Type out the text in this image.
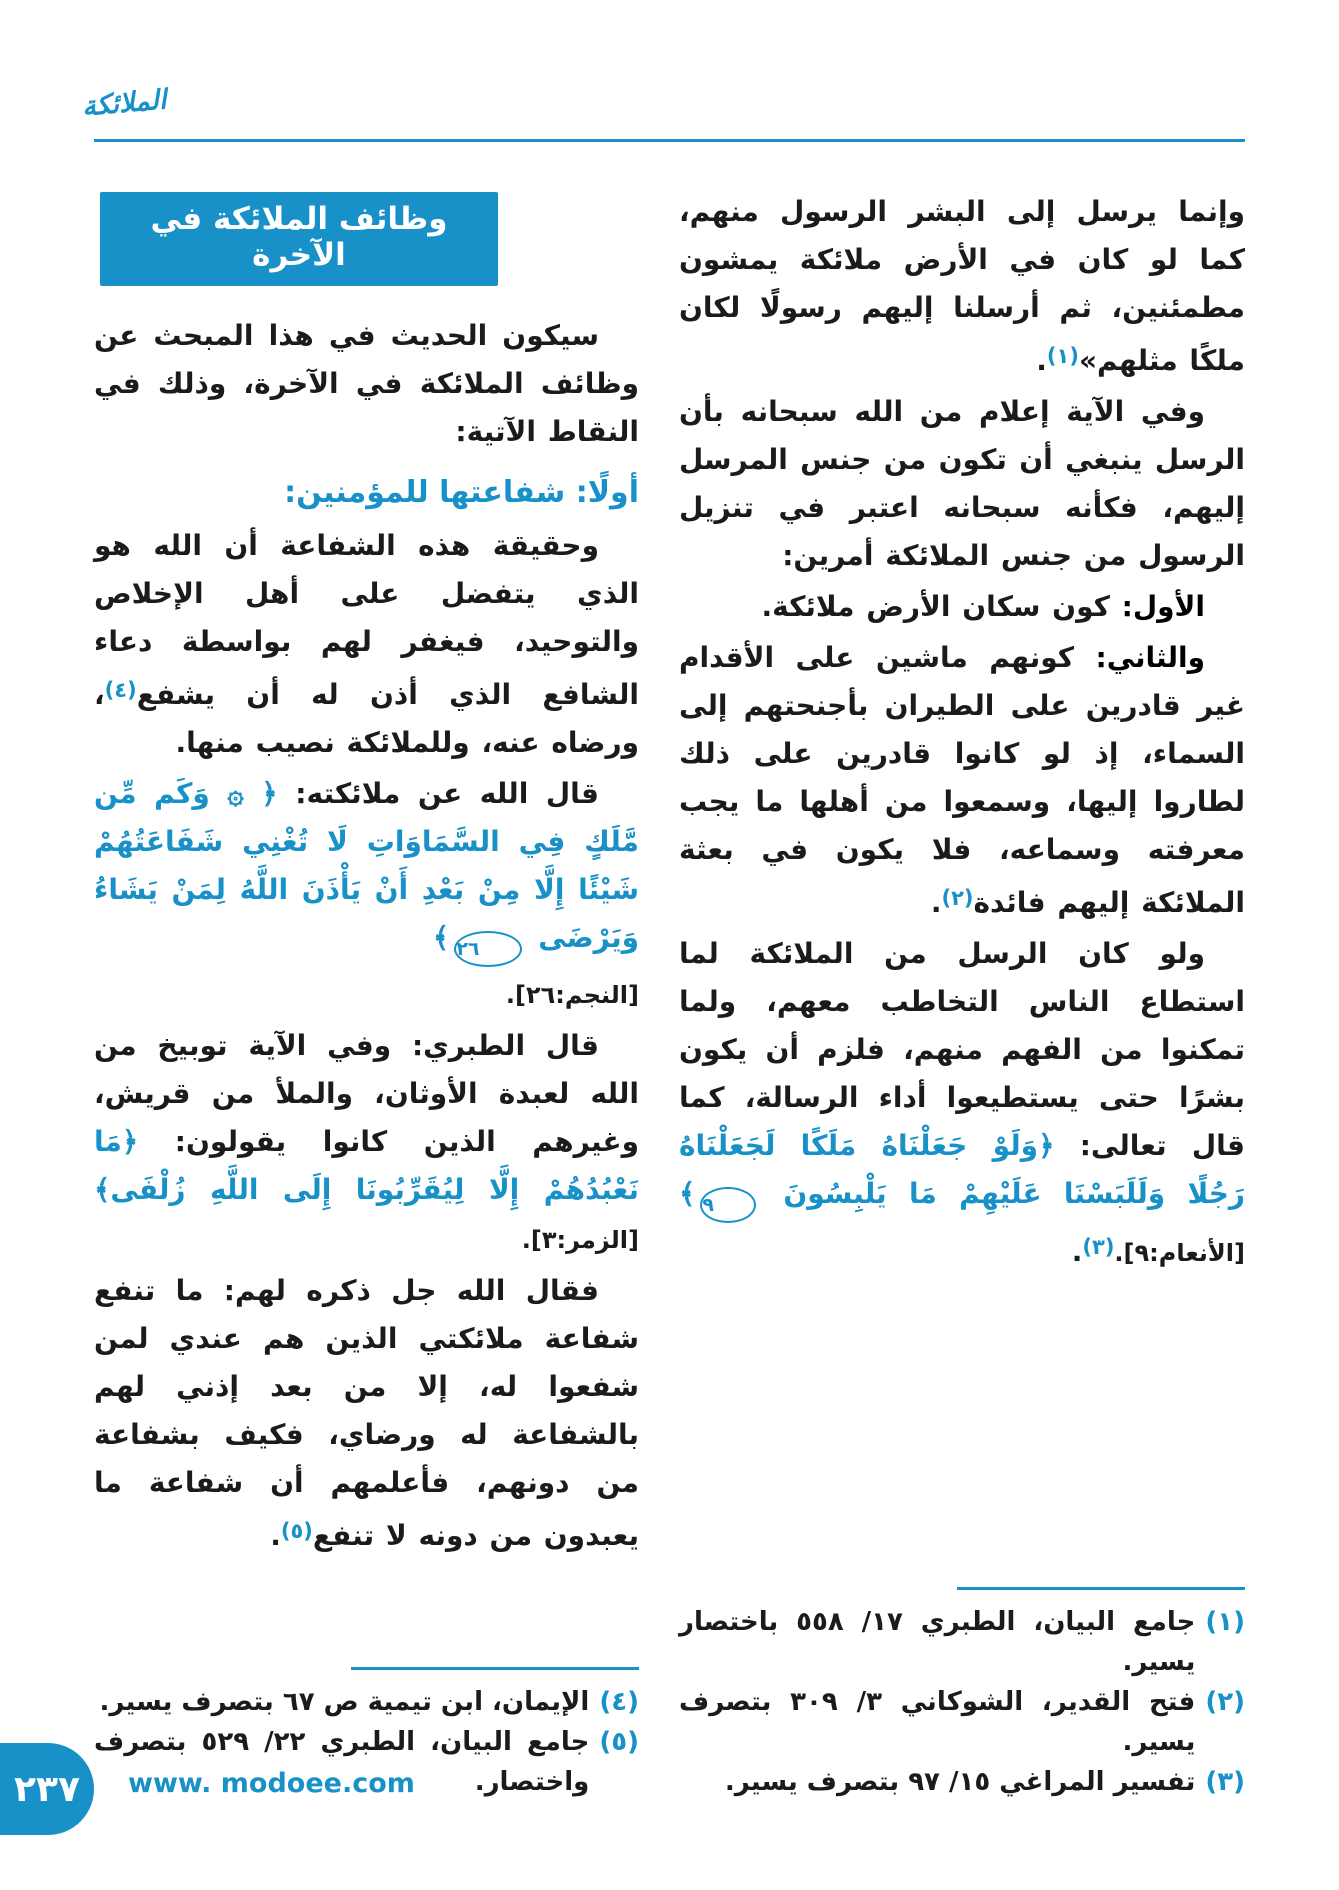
الملائكة

وإنما يرسل إلى البشر الرسول منهم، كما لو كان في الأرض ملائكة يمشون مطمئنين، ثم أرسلنا إليهم رسولًا لكان ملكًا مثلهم»$^{(١)}$.

وفي الآية إعلام من الله سبحانه بأن الرسل ينبغي أن تكون من جنس المرسل إليهم، فكأنه سبحانه اعتبر في تنزيل الرسول من جنس الملائكة أمرين:

الأول: كون سكان الأرض ملائكة.

والثاني: كونهم ماشين على الأقدام غير قادرين على الطيران بأجنحتهم إلى السماء، إذ لو كانوا قادرين على ذلك لطاروا إليها، وسمعوا من أهلها ما يجب معرفته وسماعه، فلا يكون في بعثة الملائكة إليهم فائدة$^{(٢)}$.

ولو كان الرسل من الملائكة لما استطاع الناس التخاطب معهم، ولما تمكنوا من الفهم منهم، فلزم أن يكون بشرًا حتى يستطيعوا أداء الرسالة، كما قال تعالى: ﴿وَلَوْ جَعَلْنَاهُ مَلَكًا لَجَعَلْنَاهُ رَجُلًا وَلَلَبَسْنَا عَلَيْهِمْ مَا يَلْبِسُونَ ٩﴾ [الأنعام:٩].$^{(٣)}$.

(١)
جامع البيان، الطبري ١٧/ ٥٥٨ باختصار يسير.
(٢)
فتح القدير، الشوكاني ٣/ ٣٠٩ بتصرف يسير.
(٣)
تفسير المراغي ١٥/ ٩٧ بتصرف يسير.
وظائف الملائكة في الآخرة

سيكون الحديث في هذا المبحث عن وظائف الملائكة في الآخرة، وذلك في النقاط الآتية:

أولًا: شفاعتها للمؤمنين:

وحقيقة هذه الشفاعة أن الله هو الذي يتفضل على أهل الإخلاص والتوحيد، فيغفر لهم بواسطة دعاء الشافع الذي أذن له أن يشفع$^{(٤)}$، ورضاه عنه، وللملائكة نصيب منها.

قال الله عن ملائكته: ﴿ ۞ وَكَم مِّن مَّلَكٍ فِي السَّمَاوَاتِ لَا تُغْنِي شَفَاعَتُهُمْ شَيْئًا إِلَّا مِنْ بَعْدِ أَنْ يَأْذَنَ اللَّهُ لِمَنْ يَشَاءُ وَيَرْضَى ٢٦﴾

[النجم:٢٦].

قال الطبري: وفي الآية توبيخ من الله لعبدة الأوثان، والملأ من قريش، وغيرهم الذين كانوا يقولون: ﴿مَا نَعْبُدُهُمْ إِلَّا لِيُقَرِّبُونَا إِلَى اللَّهِ زُلْفَى﴾ [الزمر:٣].

فقال الله جل ذكره لهم: ما تنفع شفاعة ملائكتي الذين هم عندي لمن شفعوا له، إلا من بعد إذني لهم بالشفاعة له ورضاي، فكيف بشفاعة من دونهم، فأعلمهم أن شفاعة ما يعبدون من دونه لا تنفع$^{(٥)}$.

(٤)
الإيمان، ابن تيمية ص ٦٧ بتصرف يسير.
(٥)
جامع البيان، الطبري ٢٢/ ٥٢٩ بتصرف واختصار.
٢٣٧ www. modoee.com
